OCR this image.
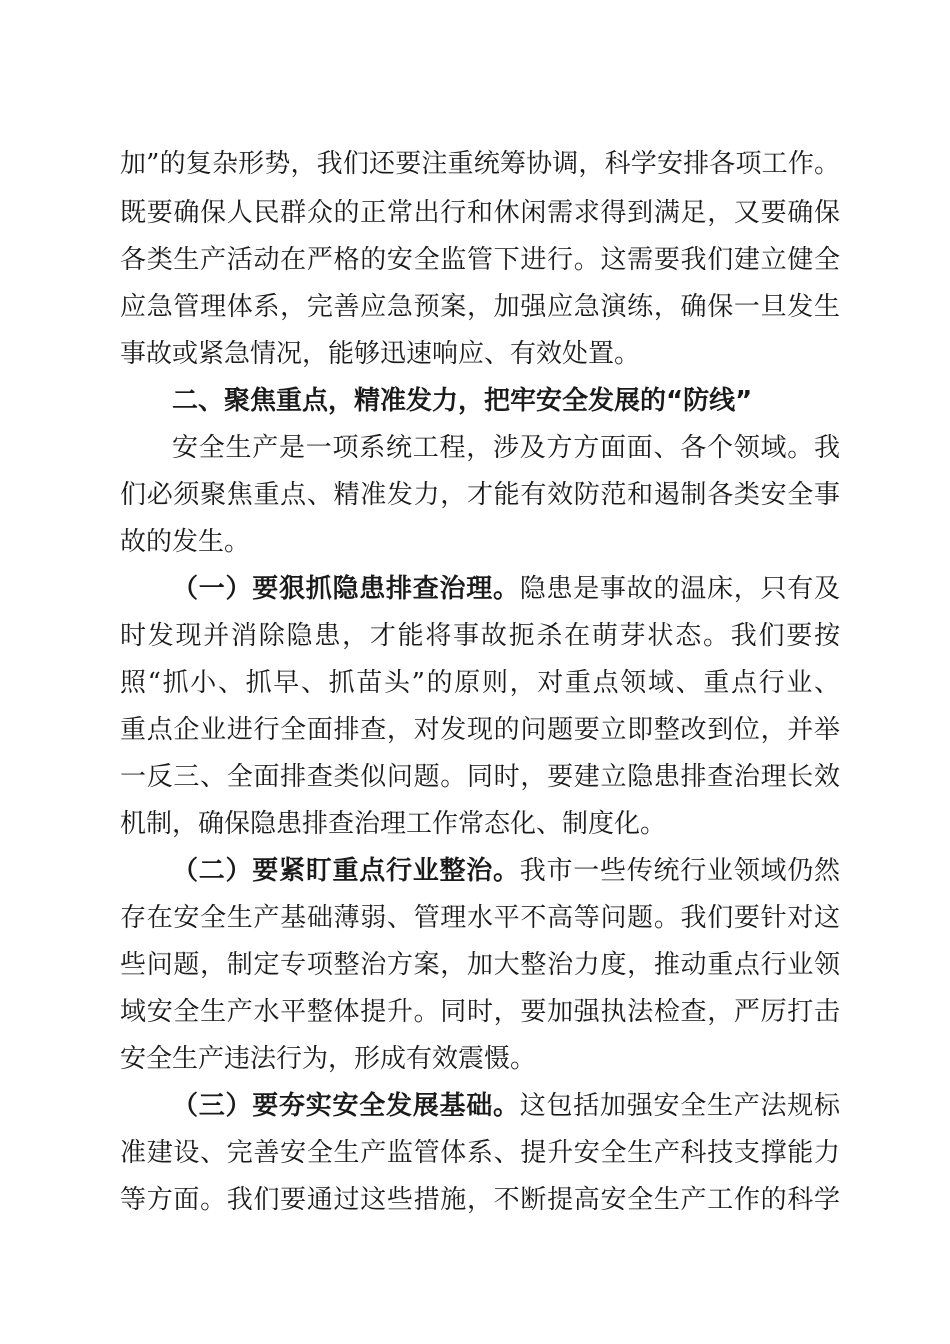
加”的复杂形势，我们还要注重统筹协调，科学安排各项工作。
既要确保人民群众的正常出行和休闲需求得到满足，又要确保
各类生产活动在严格的安全监管下进行。这需要我们建立健全
应急管理体系，完善应急预案，加强应急演练，确保一旦发生
事故或紧急情况，能够迅速响应、有效处置。
二、聚焦重点，精准发力，把牢安全发展的“防线”
安全生产是一项系统工程，涉及方方面面、各个领域。我
们必须聚焦重点、精准发力，才能有效防范和遏制各类安全事
故的发生。
（一）要狠抓隐患排查治理。隐患是事故的温床，只有及
时发现并消除隐患，才能将事故扼杀在萌芽状态。我们要按
照“抓小、抓早、抓苗头”的原则，对重点领域、重点行业、
重点企业进行全面排查，对发现的问题要立即整改到位，并举
一反三、全面排查类似问题。同时，要建立隐患排查治理长效
机制，确保隐患排查治理工作常态化、制度化。
（二）要紧盯重点行业整治。我市一些传统行业领域仍然
存在安全生产基础薄弱、管理水平不高等问题。我们要针对这
些问题，制定专项整治方案，加大整治力度，推动重点行业领
域安全生产水平整体提升。同时，要加强执法检查，严厉打击
安全生产违法行为，形成有效震慑。
（三）要夯实安全发展基础。这包括加强安全生产法规标
准建设、完善安全生产监管体系、提升安全生产科技支撑能力
等方面。我们要通过这些措施，不断提高安全生产工作的科学
